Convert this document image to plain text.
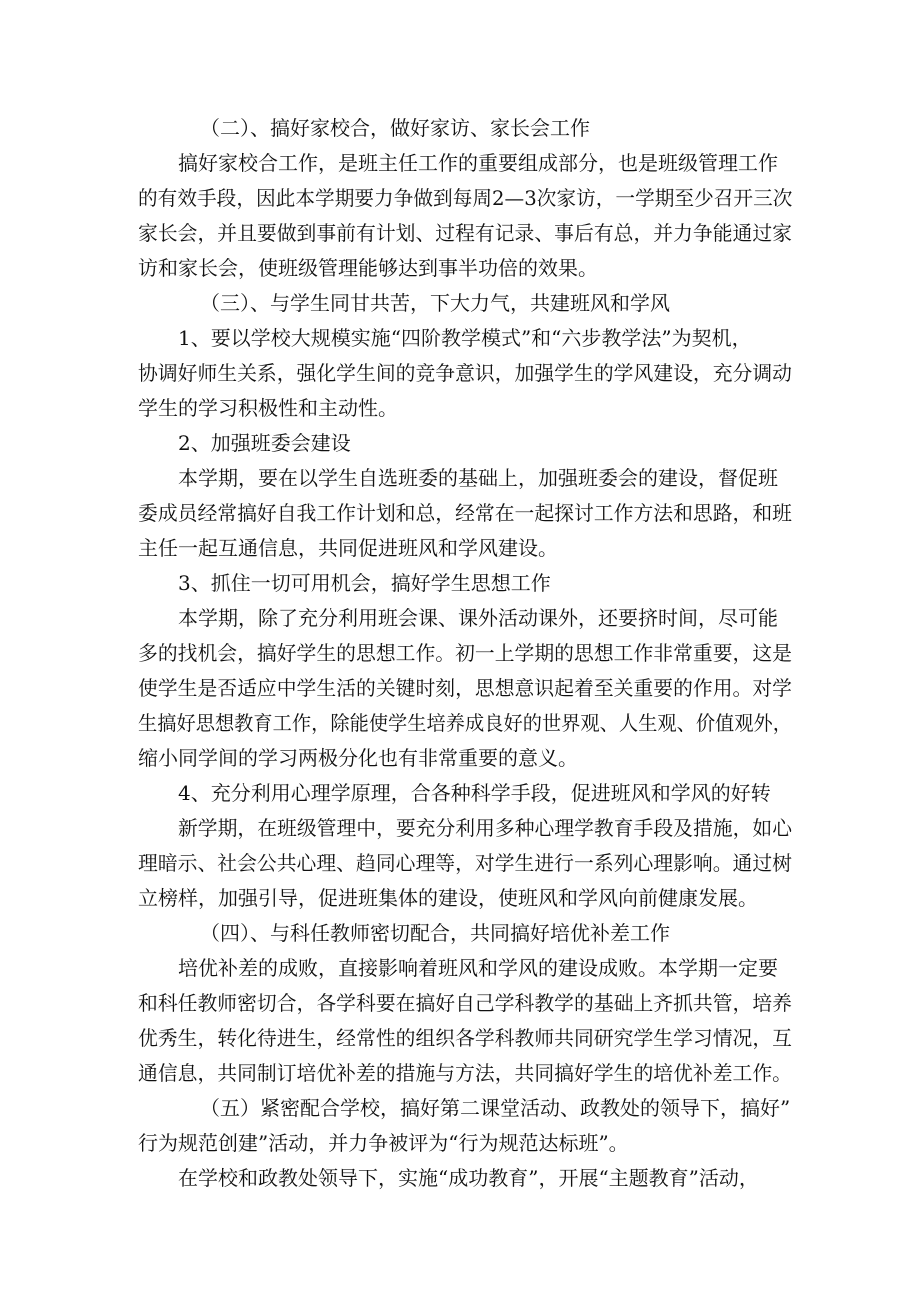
（二）、搞好家校合，做好家访、家长会工作

搞好家校合工作，是班主任工作的重要组成部分，也是班级管理工作

的有效手段，因此本学期要力争做到每周2—3次家访，一学期至少召开三次

家长会，并且要做到事前有计划、过程有记录、事后有总，并力争能通过家

访和家长会，使班级管理能够达到事半功倍的效果。

（三）、与学生同甘共苦，下大力气，共建班风和学风

1、要以学校大规模实施“四阶教学模式”和“六步教学法”为契机，

协调好师生关系，强化学生间的竞争意识，加强学生的学风建设，充分调动

学生的学习积极性和主动性。

2、加强班委会建设

本学期，要在以学生自选班委的基础上，加强班委会的建设，督促班

委成员经常搞好自我工作计划和总，经常在一起探讨工作方法和思路，和班

主任一起互通信息，共同促进班风和学风建设。

3、抓住一切可用机会，搞好学生思想工作

本学期，除了充分利用班会课、课外活动课外，还要挤时间，尽可能

多的找机会，搞好学生的思想工作。初一上学期的思想工作非常重要，这是

使学生是否适应中学生活的关键时刻，思想意识起着至关重要的作用。对学

生搞好思想教育工作，除能使学生培养成良好的世界观、人生观、价值观外，

缩小同学间的学习两极分化也有非常重要的意义。

4、充分利用心理学原理，合各种科学手段，促进班风和学风的好转

新学期，在班级管理中，要充分利用多种心理学教育手段及措施，如心

理暗示、社会公共心理、趋同心理等，对学生进行一系列心理影响。通过树

立榜样，加强引导，促进班集体的建设，使班风和学风向前健康发展。

（四）、与科任教师密切配合，共同搞好培优补差工作

培优补差的成败，直接影响着班风和学风的建设成败。本学期一定要

和科任教师密切合，各学科要在搞好自己学科教学的基础上齐抓共管，培养

优秀生，转化待进生，经常性的组织各学科教师共同研究学生学习情况，互

通信息，共同制订培优补差的措施与方法，共同搞好学生的培优补差工作。

（五）紧密配合学校，搞好第二课堂活动、政教处的领导下，搞好”

行为规范创建”活动，并力争被评为“行为规范达标班”。

在学校和政教处领导下，实施“成功教育”，开展“主题教育”活动，
